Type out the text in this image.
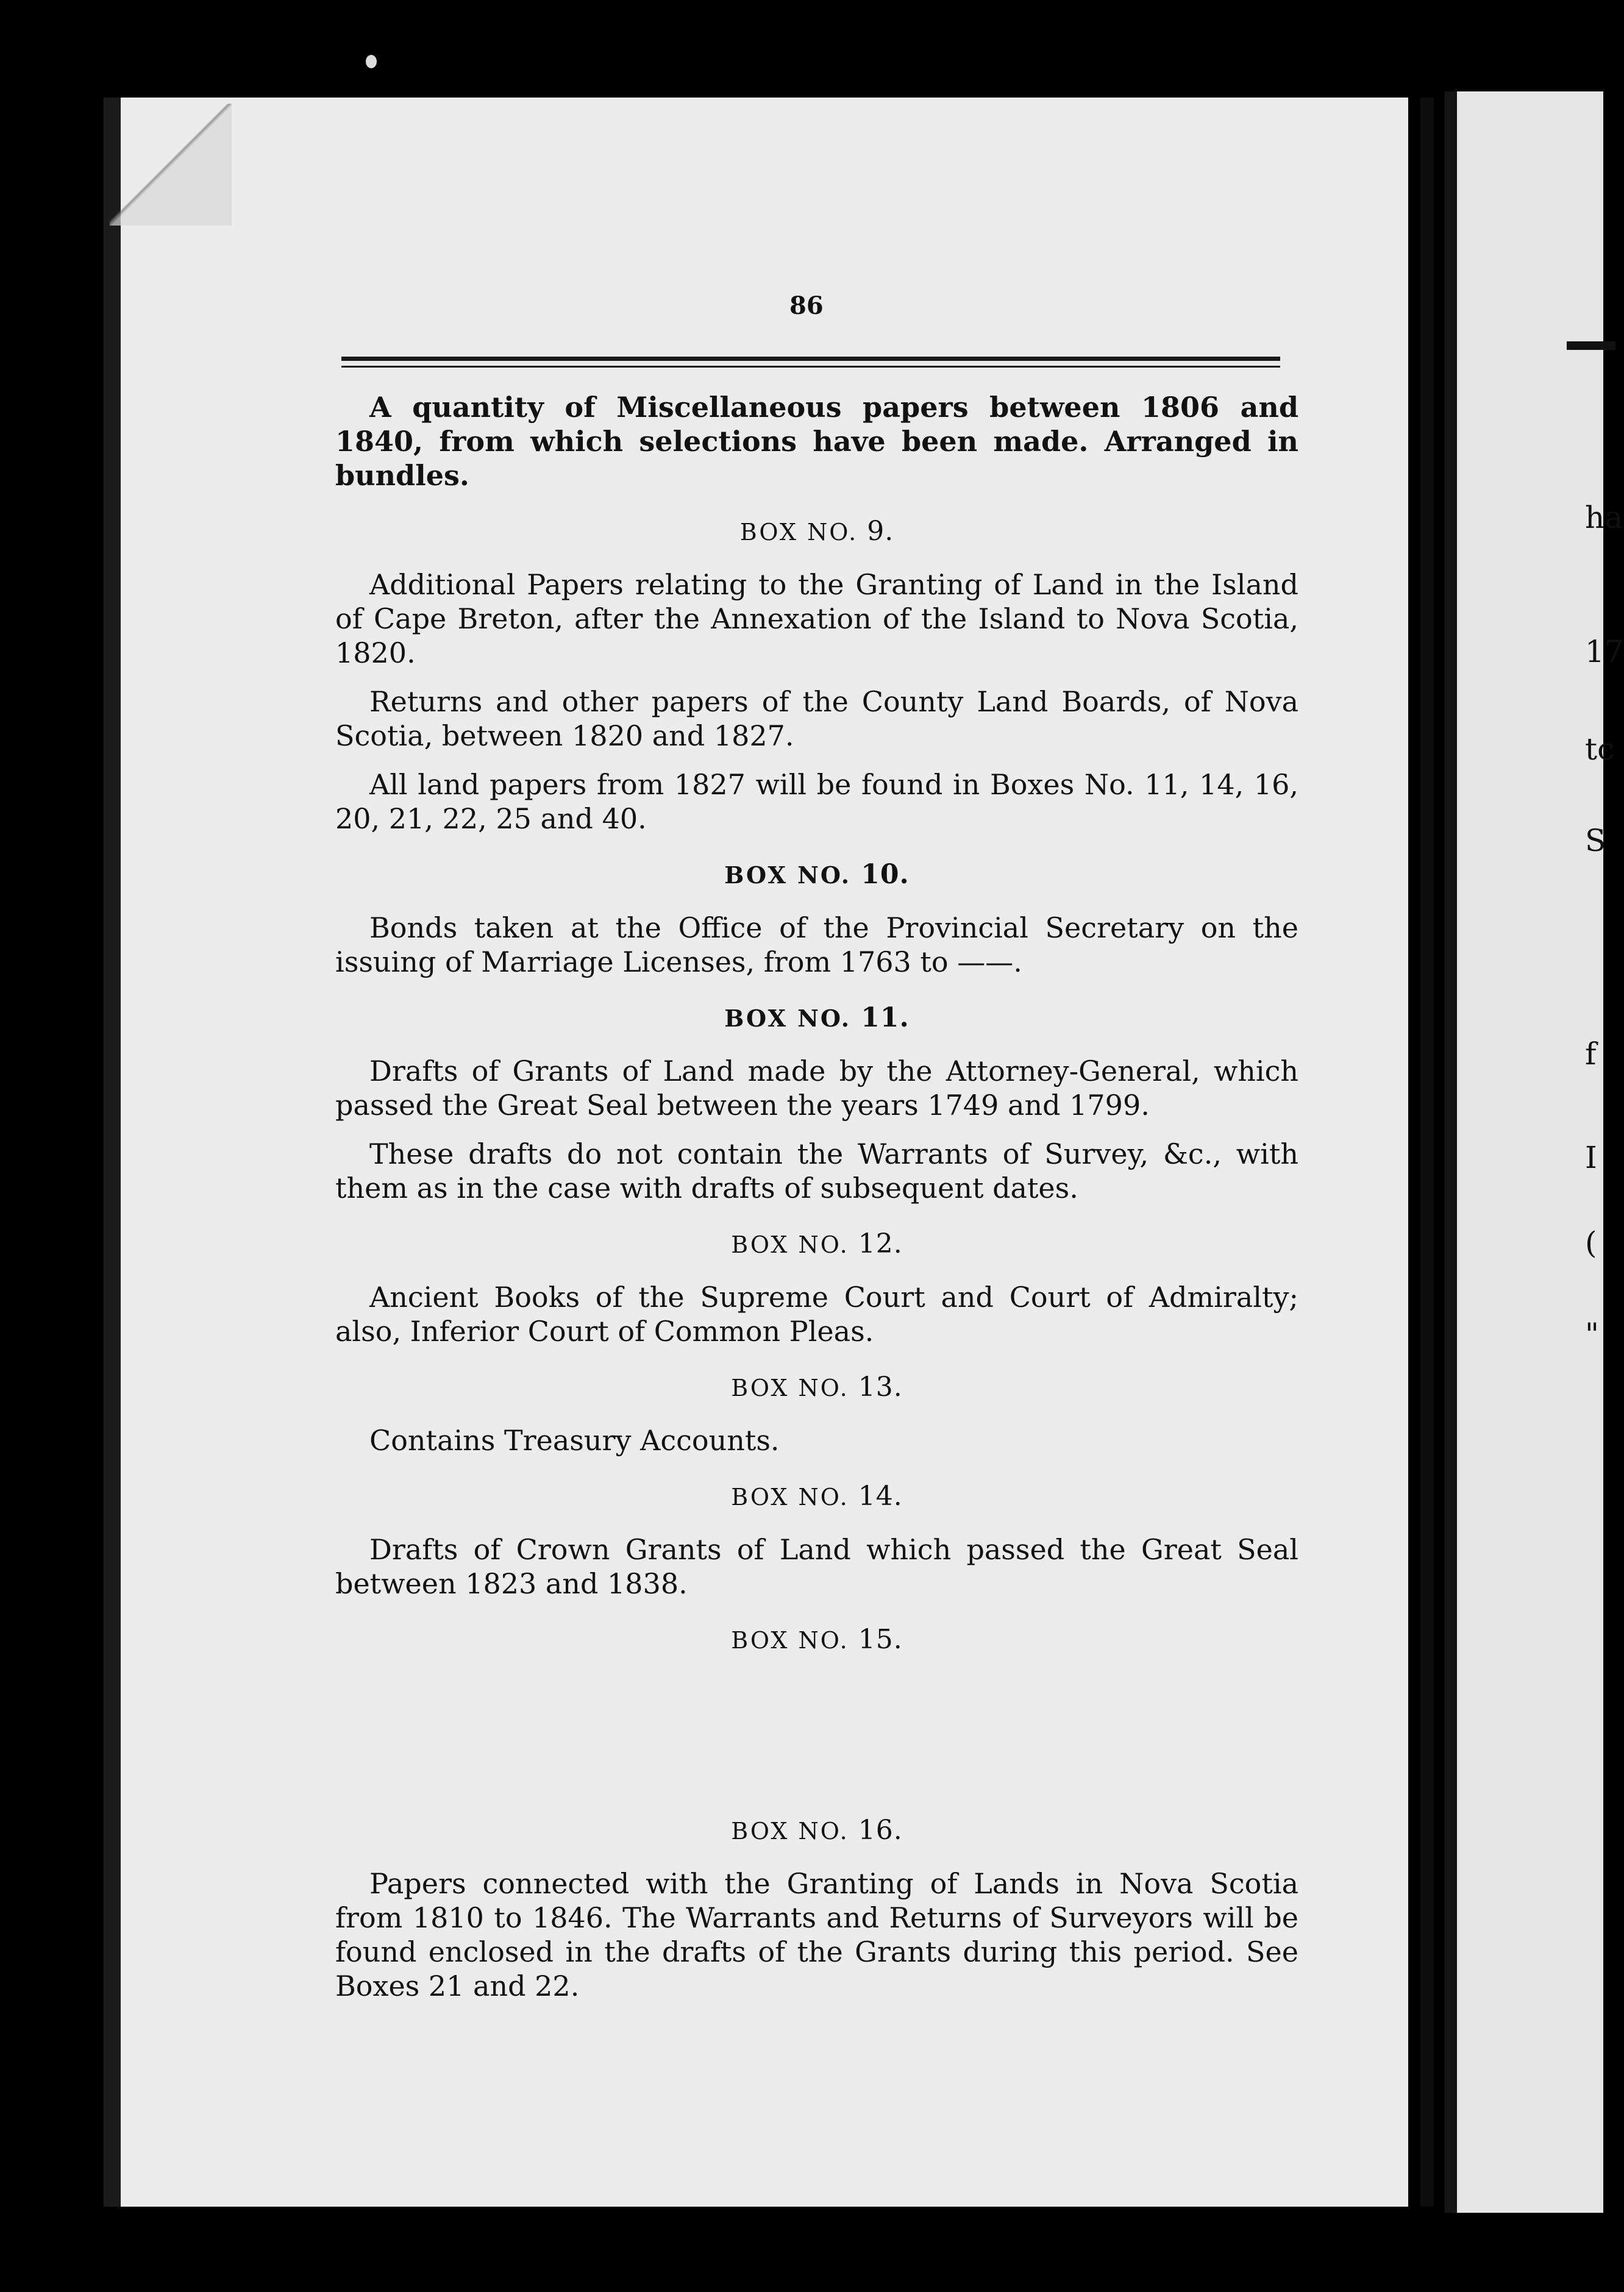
ha
17
tc
S
f
I
(
"
86

A quantity of Miscellaneous papers between 1806 and 1840, from which selections have been made. Arranged in bundles.

BOX NO. 9.

Additional Papers relating to the Granting of Land in the Island of Cape Breton, after the Annexation of the Island to Nova Scotia, 1820.

Returns and other papers of the County Land Boards, of Nova Scotia, between 1820 and 1827.

All land papers from 1827 will be found in Boxes No. 11, 14, 16, 20, 21, 22, 25 and 40.

BOX NO. 10.

Bonds taken at the Office of the Provincial Secretary on the issuing of Marriage Licenses, from 1763 to ——.

BOX NO. 11.

Drafts of Grants of Land made by the Attorney-General, which passed the Great Seal between the years 1749 and 1799.

These drafts do not contain the Warrants of Survey, &c., with them as in the case with drafts of subsequent dates.

BOX NO. 12.

Ancient Books of the Supreme Court and Court of Admiralty; also, Inferior Court of Common Pleas.

BOX NO. 13.

Contains Treasury Accounts.

BOX NO. 14.

Drafts of Crown Grants of Land which passed the Great Seal between 1823 and 1838.

BOX NO. 15.
BOX NO. 16.

Papers connected with the Granting of Lands in Nova Scotia from 1810 to 1846. The Warrants and Returns of Surveyors will be found enclosed in the drafts of the Grants during this period. See Boxes 21 and 22.
